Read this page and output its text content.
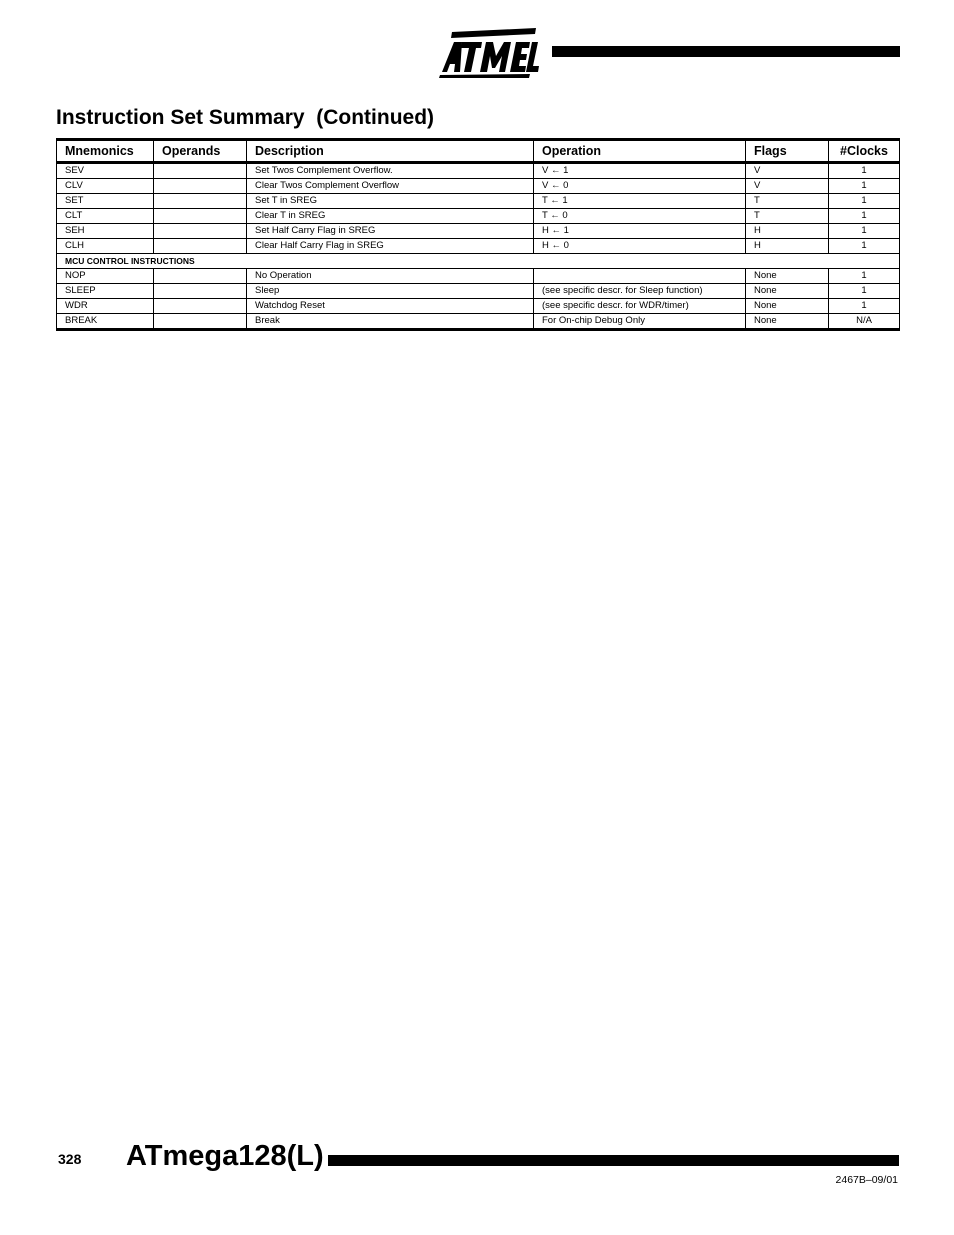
Instruction Set Summary  (Continued)
Mnemonics	Operands	Description	Operation	Flags	#Clocks
SEV		Set Twos Complement Overflow.	V ← 1	V	1
CLV		Clear Twos Complement Overflow	V ← 0	V	1
SET		Set T in SREG	T ← 1	T	1
CLT		Clear T in SREG	T ← 0	T	1
SEH		Set Half Carry Flag in SREG	H ← 1	H	1
CLH		Clear Half Carry Flag in SREG	H ← 0	H	1
MCU CONTROL INSTRUCTIONS					
NOP		No Operation		None	1
SLEEP		Sleep	(see specific descr. for Sleep function)	None	1
WDR		Watchdog Reset	(see specific descr. for WDR/timer)	None	1
BREAK		Break	For On-chip Debug Only	None	N/A
328 ATmega128(L)
2467B–09/01
